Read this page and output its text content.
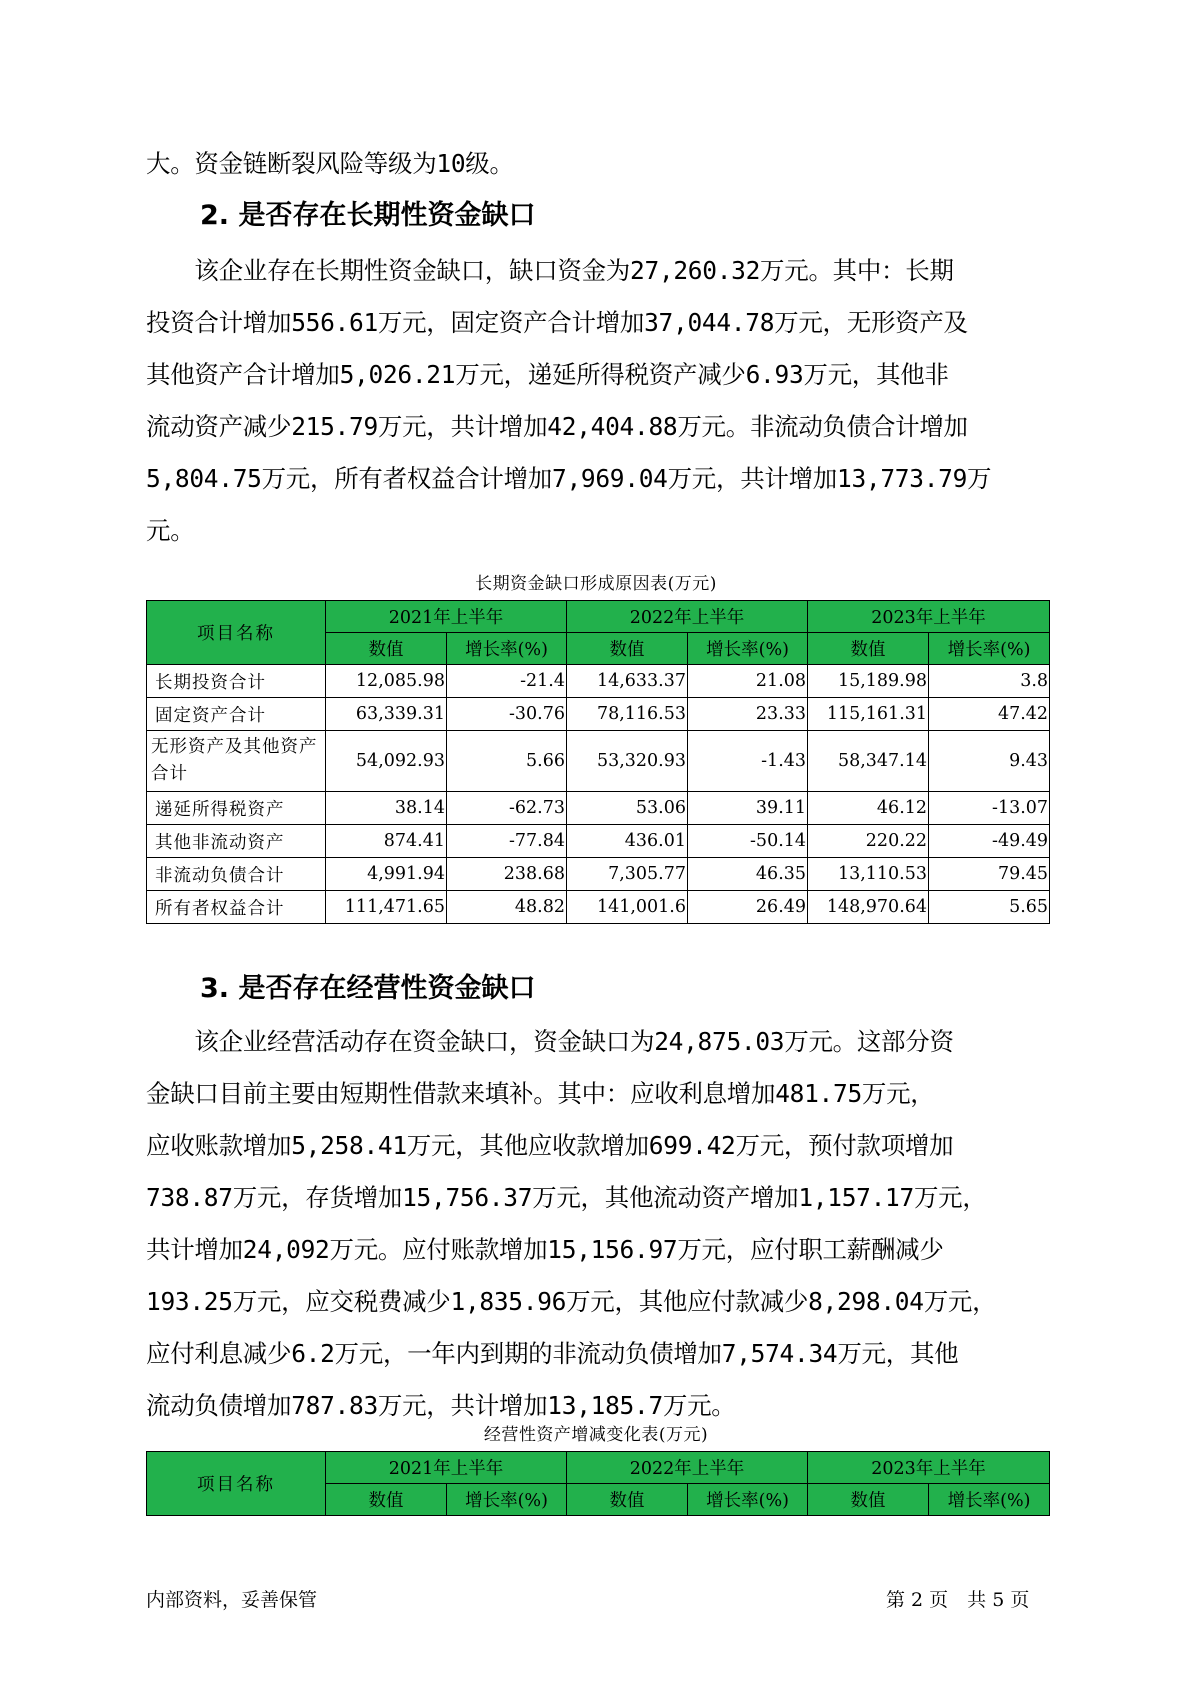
大。资金链断裂风险等级为10级。
2. 是否存在长期性资金缺口
　　该企业存在长期性资金缺口，缺口资金为27,260.32万元。其中：长期
投资合计增加556.61万元，固定资产合计增加37,044.78万元，无形资产及
其他资产合计增加5,026.21万元，递延所得税资产减少6.93万元，其他非
流动资产减少215.79万元，共计增加42,404.88万元。非流动负债合计增加
5,804.75万元，所有者权益合计增加7,969.04万元，共计增加13,773.79万
元。
长期资金缺口形成原因表(万元)
项目名称	2021年上半年		2022年上半年		2023年上半年	
	数值	增长率(%)	数值	增长率(%)	数值	增长率(%)
长期投资合计	12,085.98	-21.4	14,633.37	21.08	15,189.98	3.8
固定资产合计	63,339.31	-30.76	78,116.53	23.33	115,161.31	47.42
无形资产及其他资产合计	54,092.93	5.66	53,320.93	-1.43	58,347.14	9.43
递延所得税资产	38.14	-62.73	53.06	39.11	46.12	-13.07
其他非流动资产	874.41	-77.84	436.01	-50.14	220.22	-49.49
非流动负债合计	4,991.94	238.68	7,305.77	46.35	13,110.53	79.45
所有者权益合计	111,471.65	48.82	141,001.6	26.49	148,970.64	5.65
3. 是否存在经营性资金缺口
　　该企业经营活动存在资金缺口，资金缺口为24,875.03万元。这部分资
金缺口目前主要由短期性借款来填补。其中：应收利息增加481.75万元，
应收账款增加5,258.41万元，其他应收款增加699.42万元，预付款项增加
738.87万元，存货增加15,756.37万元，其他流动资产增加1,157.17万元，
共计增加24,092万元。应付账款增加15,156.97万元，应付职工薪酬减少
193.25万元，应交税费减少1,835.96万元，其他应付款减少8,298.04万元，
应付利息减少6.2万元，一年内到期的非流动负债增加7,574.34万元，其他
流动负债增加787.83万元，共计增加13,185.7万元。
经营性资产增减变化表(万元)
项目名称	2021年上半年		2022年上半年		2023年上半年	
	数值	增长率(%)	数值	增长率(%)	数值	增长率(%)
内部资料，妥善保管	第 2 页　共 5 页
